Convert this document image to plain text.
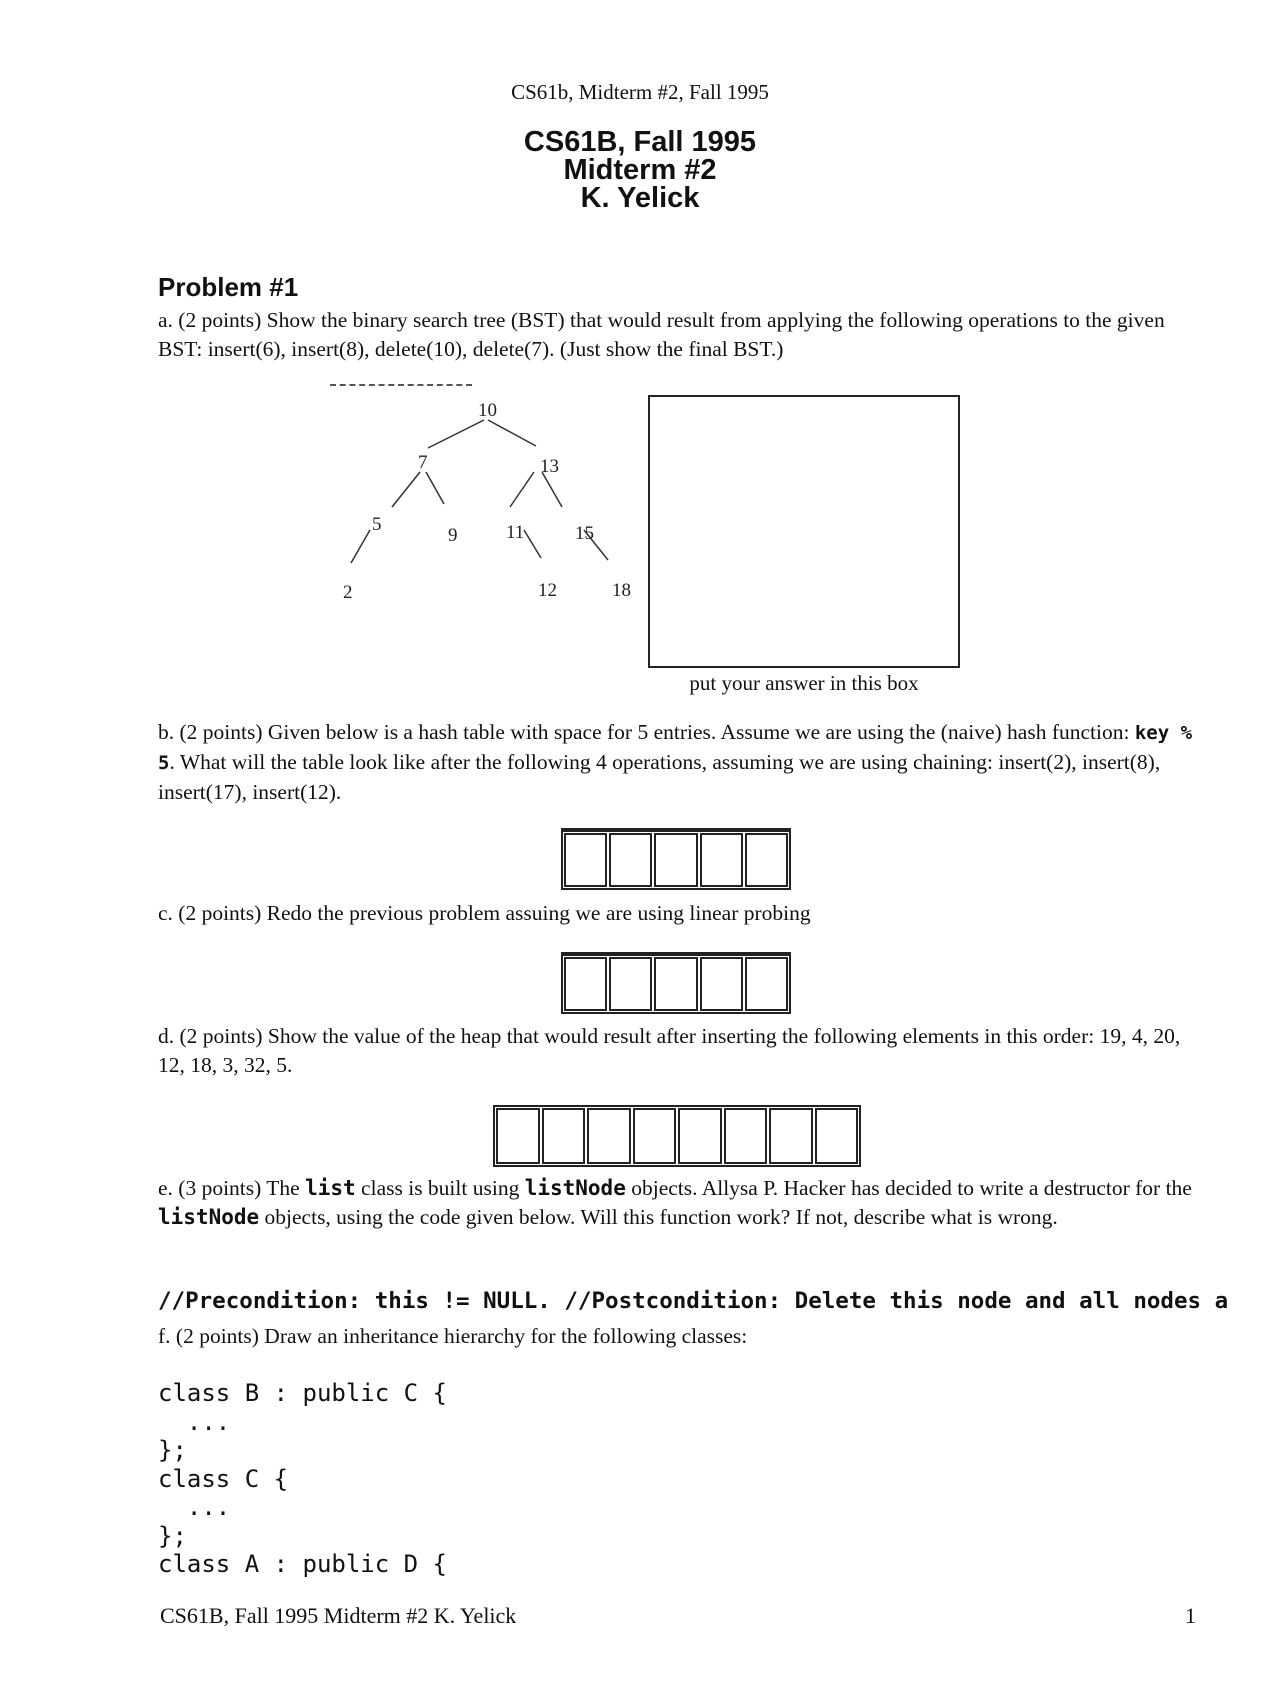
CS61b, Midterm #2, Fall 1995
CS61B, Fall 1995
Midterm #2
K. Yelick
Problem #1
a. (2 points) Show the binary search tree (BST) that would result from applying the following operations to the given BST: insert(6), insert(8), delete(10), delete(7). (Just show the final BST.)
10
7	13
5
9	11	15
2	12	18
put your answer in this box
b. (2 points) Given below is a hash table with space for 5 entries. Assume we are using the (naive) hash function: key % 5. What will the table look like after the following 4 operations, assuming we are using chaining: insert(2), insert(8), insert(17), insert(12).
c. (2 points) Redo the previous problem assuing we are using linear probing
d. (2 points) Show the value of the heap that would result after inserting the following elements in this order: 19, 4, 20, 12, 18, 3, 32, 5.
e. (3 points) The list class is built using listNode objects. Allysa P. Hacker has decided to write a destructor for the listNode objects, using the code given below. Will this function work? If not, describe what is wrong.
//Precondition: this != NULL. //Postcondition: Delete this node and all nodes a
f. (2 points) Draw an inheritance hierarchy for the following classes:
class B : public C {
...
};
class C {
...
};
class A : public D {
CS61B, Fall 1995 Midterm #2 K. Yelick	1
